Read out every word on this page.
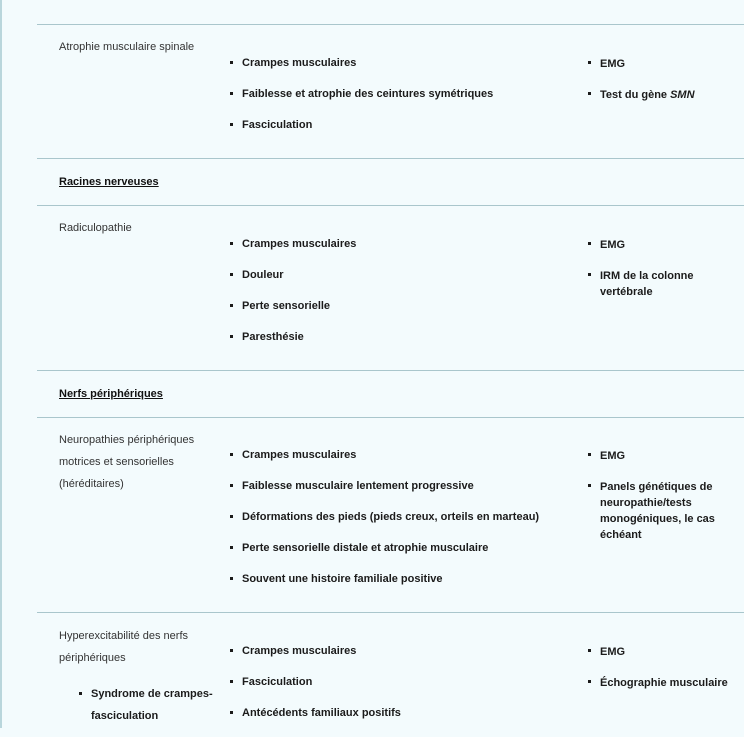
Atrophie musculaire spinale
Crampes musculaires
Faiblesse et atrophie des ceintures symétriques
Fasciculation
EMG
Test du gène SMN
Racines nerveuses
Radiculopathie
Crampes musculaires
Douleur
Perte sensorielle
Paresthésie
EMG
IRM de la colonne vertébrale
Nerfs périphériques
Neuropathies périphériques
motrices et sensorielles
(héréditaires)
Crampes musculaires
Faiblesse musculaire lentement progressive
Déformations des pieds (pieds creux, orteils en marteau)
Perte sensorielle distale et atrophie musculaire
Souvent une histoire familiale positive
EMG
Panels génétiques de neuropathie/tests monogéniques, le cas échéant
Hyperexcitabilité des nerfs
périphériques
Syndrome de crampes-fasciculation
Crampes musculaires
Fasciculation
Antécédents familiaux positifs
EMG
Échographie musculaire
